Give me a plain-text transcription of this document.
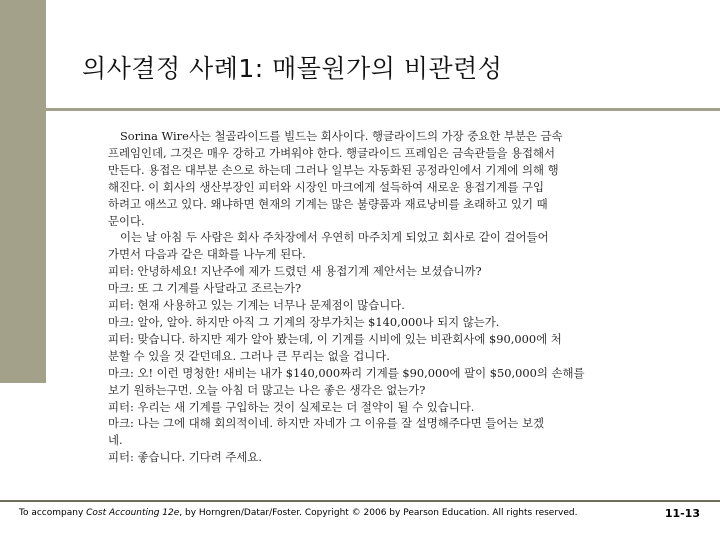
의사결정 사례1: 매몰원가의 비관련성
Sorina Wire사는 철골라이드를 빌드는 회사이다. 행글라이드의 가장 중요한 부분은 금속
프레임인데, 그것은 매우 강하고 가벼워야 한다. 행글라이드 프레임은 금속관들을 용접해서
만든다. 용접은 대부분 손으로 하는데 그러나 일부는 자동화된 공정라인에서 기계에 의해 행
해진다. 이 회사의 생산부장인 피터와 시장인 마크에게 설득하여 새로운 용접기계를 구입
하려고 애쓰고 있다. 왜냐하면 현재의 기계는 많은 불량품과 재료낭비를 초래하고 있기 때
문이다.
이는 날 아침 두 사람은 회사 주차장에서 우연히 마주치게 되었고 회사로 같이 걸어들어
가면서 다음과 같은 대화를 나누게 된다.
피터: 안녕하세요! 지난주에 제가 드렸던 새 용접기계 제안서는 보셨습니까?
마크: 또 그 기계를 사달라고 조르는가?
피터: 현재 사용하고 있는 기계는 너무나 문제점이 많습니다.
마크: 알아, 알아. 하지만 아직 그 기계의 장부가치는 $140,000나 되지 않는가.
피터: 맞습니다. 하지만 제가 알아 봤는데, 이 기계를 시비에 있는 비관회사에 $90,000에 처
분할 수 있을 것 같던데요. 그러나 큰 무리는 없을 겁니다.
마크: 오! 이런 명청한! 새비는 내가 $140,000짜리 기계를 $90,000에 팔이 $50,000의 손해를
보기 원하는구먼. 오늘 아침 더 많고는 나은 좋은 생각은 없는가?
피터: 우리는 새 기계를 구입하는 것이 실제로는 더 절약이 될 수 있습니다.
마크: 나는 그에 대해 회의적이네. 하지만 자네가 그 이유를 잘 설명해주다면 들어는 보겠
네.
피터: 좋습니다. 기다려 주세요.
To accompany Cost Accounting 12e, by Horngren/Datar/Foster. Copyright © 2006 by Pearson Education. All rights reserved.	11-13
